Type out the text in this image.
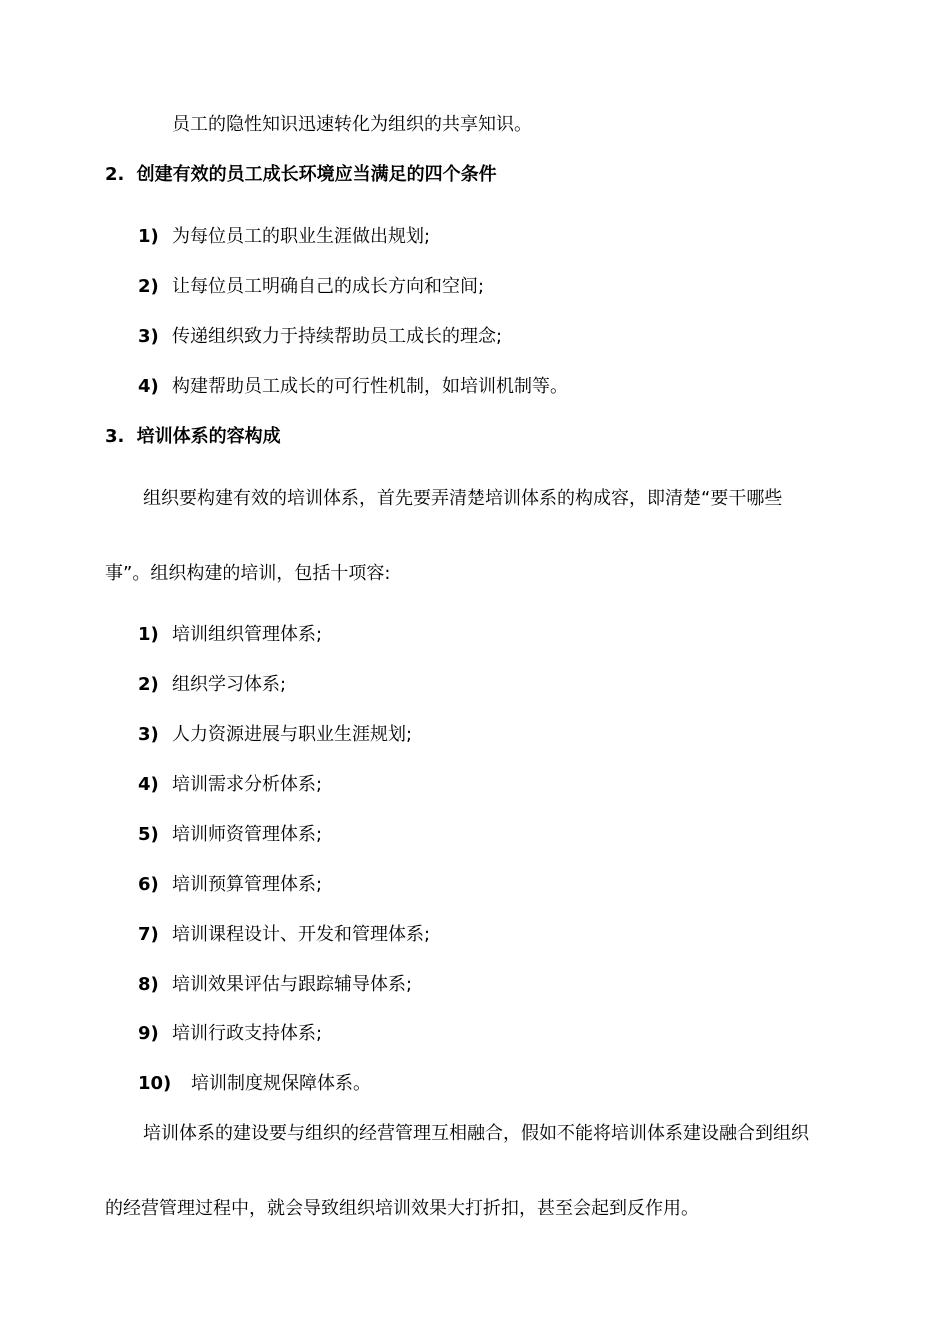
员工的隐性知识迅速转化为组织的共享知识。
2. 创建有效的员工成长环境应当满足的四个条件
1) 为每位员工的职业生涯做出规划;
2) 让每位员工明确自己的成长方向和空间;
3) 传递组织致力于持续帮助员工成长的理念;
4) 构建帮助员工成长的可行性机制，如培训机制等。
3. 培训体系的容构成
组织要构建有效的培训体系，首先要弄清楚培训体系的构成容，即清楚“要干哪些
事”。组织构建的培训，包括十项容:
1) 培训组织管理体系;
2) 组织学习体系;
3) 人力资源进展与职业生涯规划;
4) 培训需求分析体系;
5) 培训师资管理体系;
6) 培训预算管理体系;
7) 培训课程设计、开发和管理体系;
8) 培训效果评估与跟踪辅导体系;
9) 培训行政支持体系;
10) 培训制度规保障体系。
培训体系的建设要与组织的经营管理互相融合，假如不能将培训体系建设融合到组织
的经营管理过程中，就会导致组织培训效果大打折扣，甚至会起到反作用。
